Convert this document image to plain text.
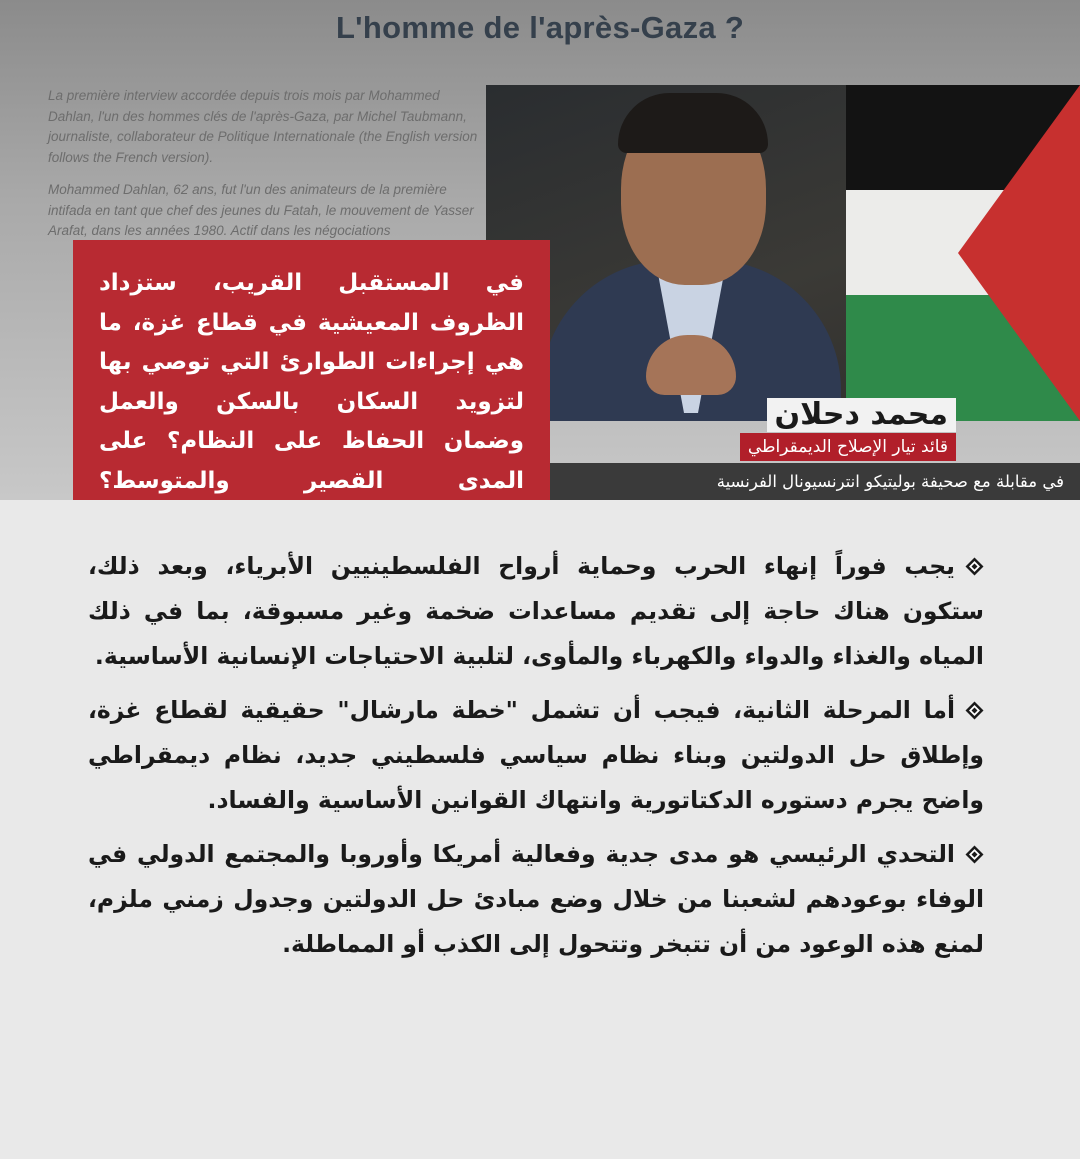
L'homme de l'après-Gaza ?

La première interview accordée depuis trois mois par Mohammed Dahlan, l'un des hommes clés de l'après-Gaza, par Michel Taubmann, journaliste, collaborateur de Politique Internationale (the English version follows the French version).

Mohammed Dahlan, 62 ans, fut l'un des animateurs de la première intifada en tant que chef des jeunes du Fatah, le mouvement de Yasser Arafat, dans les années 1980. Actif dans les négociations

محمد دحلان
قائد تيار الإصلاح الديمقراطي
في مقابلة مع صحيفة بوليتيكو انترنسيونال الفرنسية
في المستقبل القريب، ستزداد الظروف المعيشية في قطاع غزة، ما هي إجراءات الطوارئ التي توصي بها لتزويد السكان بالسكن والعمل وضمان الحفاظ على النظام؟ على المدى القصير والمتوسط؟

يجب فوراً إنهاء الحرب وحماية أرواح الفلسطينيين الأبرياء، وبعد ذلك، ستكون هناك حاجة إلى تقديم مساعدات ضخمة وغير مسبوقة، بما في ذلك المياه والغذاء والدواء والكهرباء والمأوى، لتلبية الاحتياجات الإنسانية الأساسية.

أما المرحلة الثانية، فيجب أن تشمل "خطة مارشال" حقيقية لقطاع غزة، وإطلاق حل الدولتين وبناء نظام سياسي فلسطيني جديد، نظام ديمقراطي واضح يجرم دستوره الدكتاتورية وانتهاك القوانين الأساسية والفساد.

التحدي الرئيسي هو مدى جدية وفعالية أمريكا وأوروبا والمجتمع الدولي في الوفاء بوعودهم لشعبنا من خلال وضع مبادئ حل الدولتين وجدول زمني ملزم، لمنع هذه الوعود من أن تتبخر وتتحول إلى الكذب أو المماطلة.
